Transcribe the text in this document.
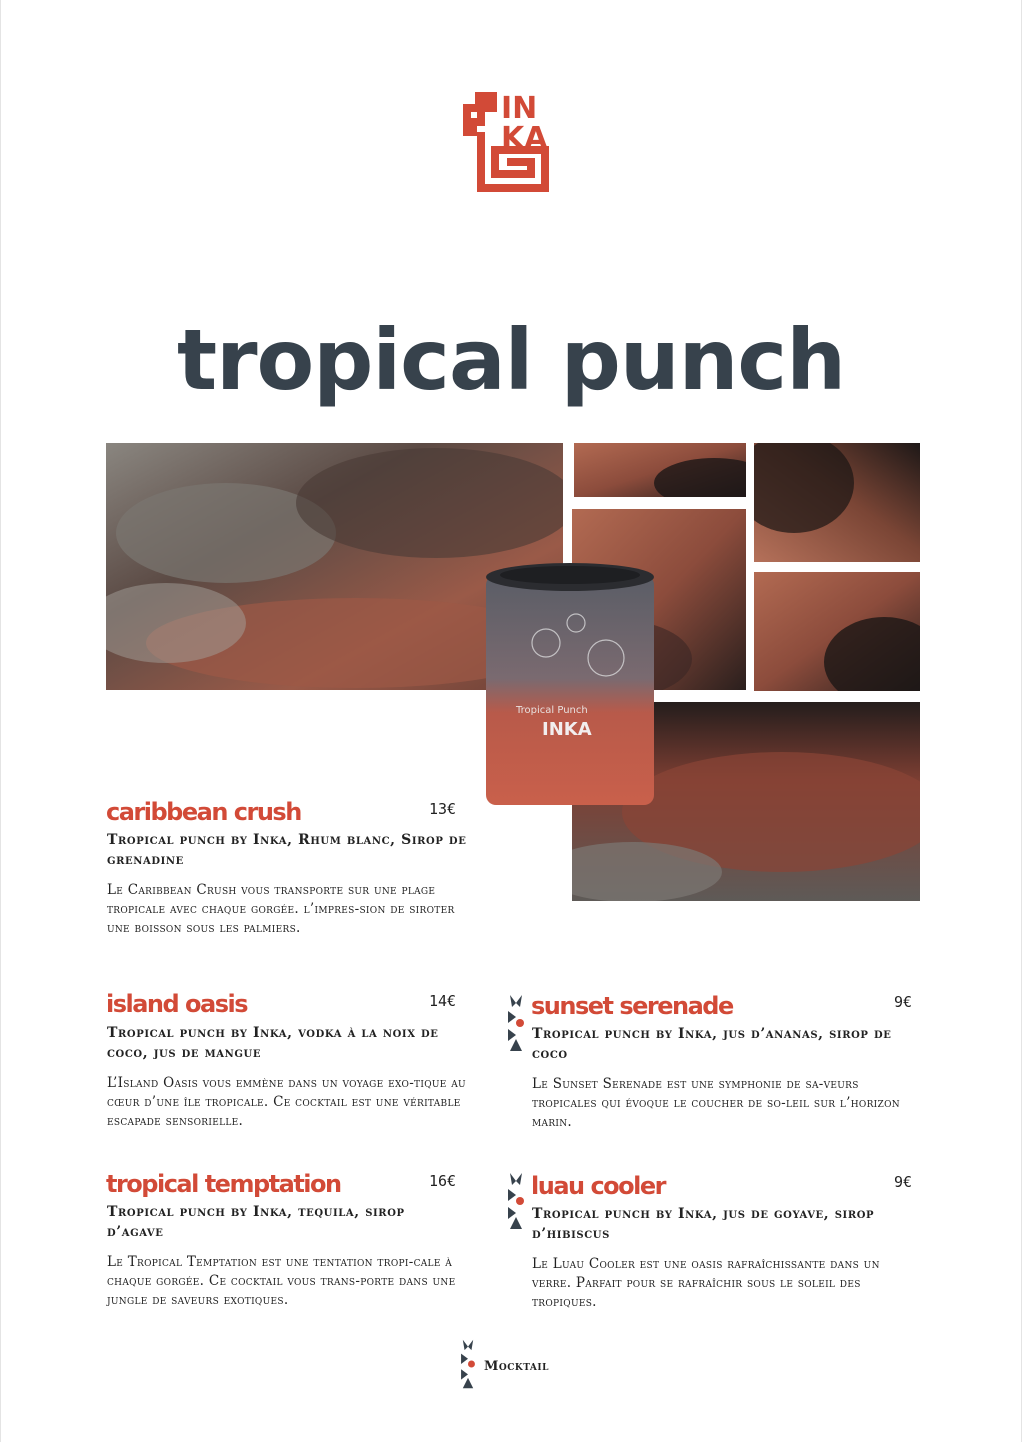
IN
KA
tropical punch
Tropical Punch
INKA
caribbean crush	13€
Tropical punch by Inka, Rhum blanc, Sirop de grenadine
Le Caribbean Crush vous transporte sur une plage tropicale avec chaque gorgée. l’impres-sion de siroter une boisson sous les palmiers.
island oasis	14€
Tropical punch by Inka, vodka à la noix de coco, jus de mangue
L’Island Oasis vous emmène dans un voyage exo-tique au cœur d’une île tropicale. Ce cocktail est une véritable escapade sensorielle.
sunset serenade	9€
Tropical punch by Inka, jus d’ananas, sirop de coco
Le Sunset Serenade est une symphonie de sa-veurs tropicales qui évoque le coucher de so-leil sur l’horizon marin.
tropical temptation	16€
Tropical punch by Inka, tequila, sirop d’agave
Le Tropical Temptation est une tentation tropi-cale à chaque gorgée. Ce cocktail vous trans-porte dans une jungle de saveurs exotiques.
luau cooler	9€
Tropical punch by Inka, jus de goyave, sirop d’hibiscus
Le Luau Cooler est une oasis rafraîchissante dans un verre. Parfait pour se rafraîchir sous le soleil des tropiques.
Mocktail
